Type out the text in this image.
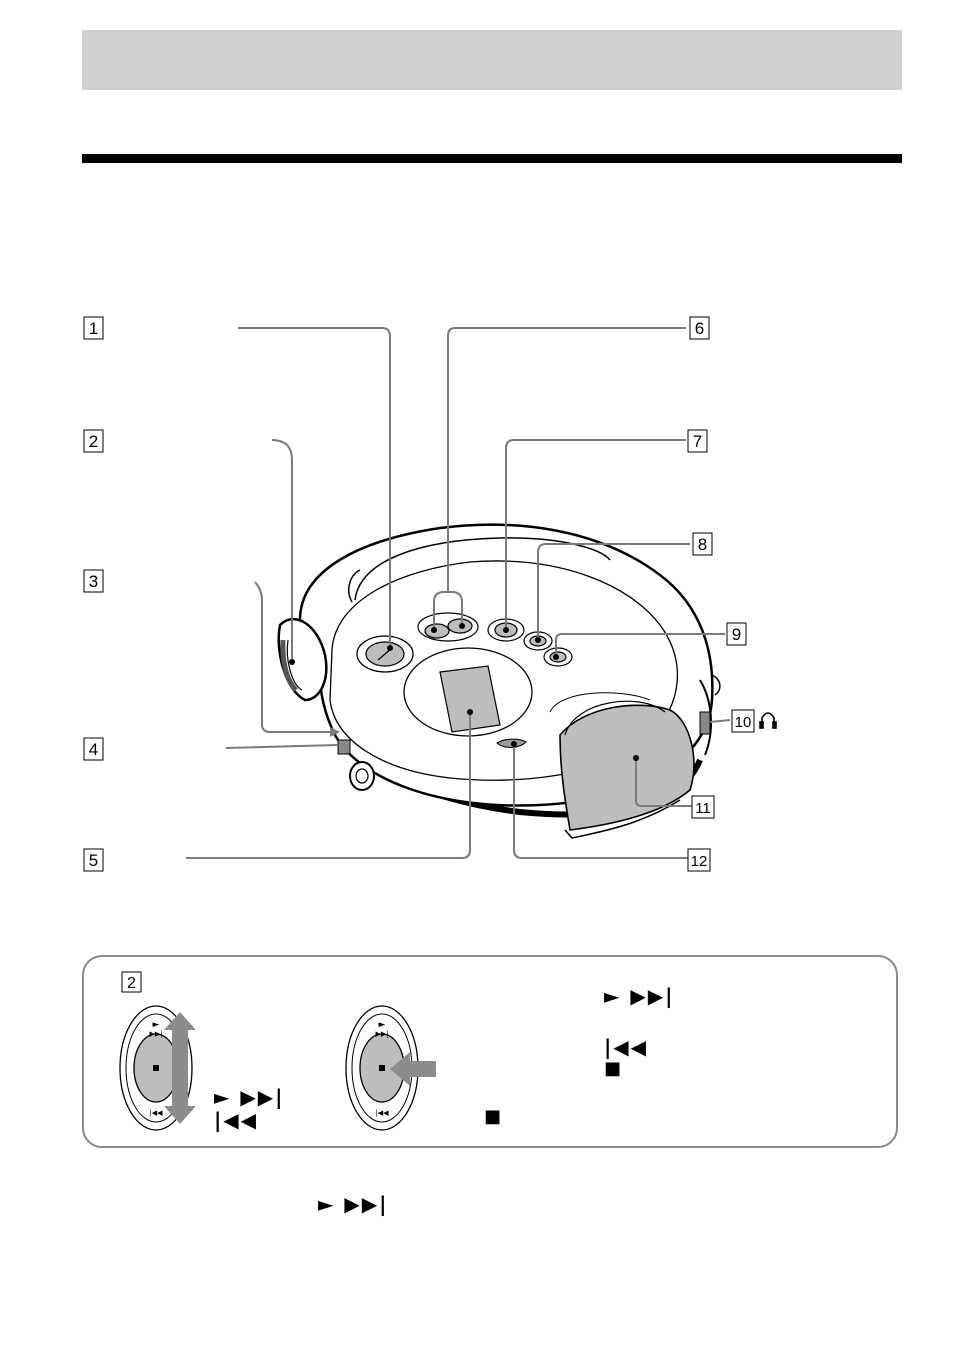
1
2
3
4
5
6
7
8
9
10
11
12
►
▶▶|
|◀◀
►
▶▶|
|◀◀
2
► ▶▶|
|◀◀	■
► ▶▶|
|◀◀
■
► ▶▶|
